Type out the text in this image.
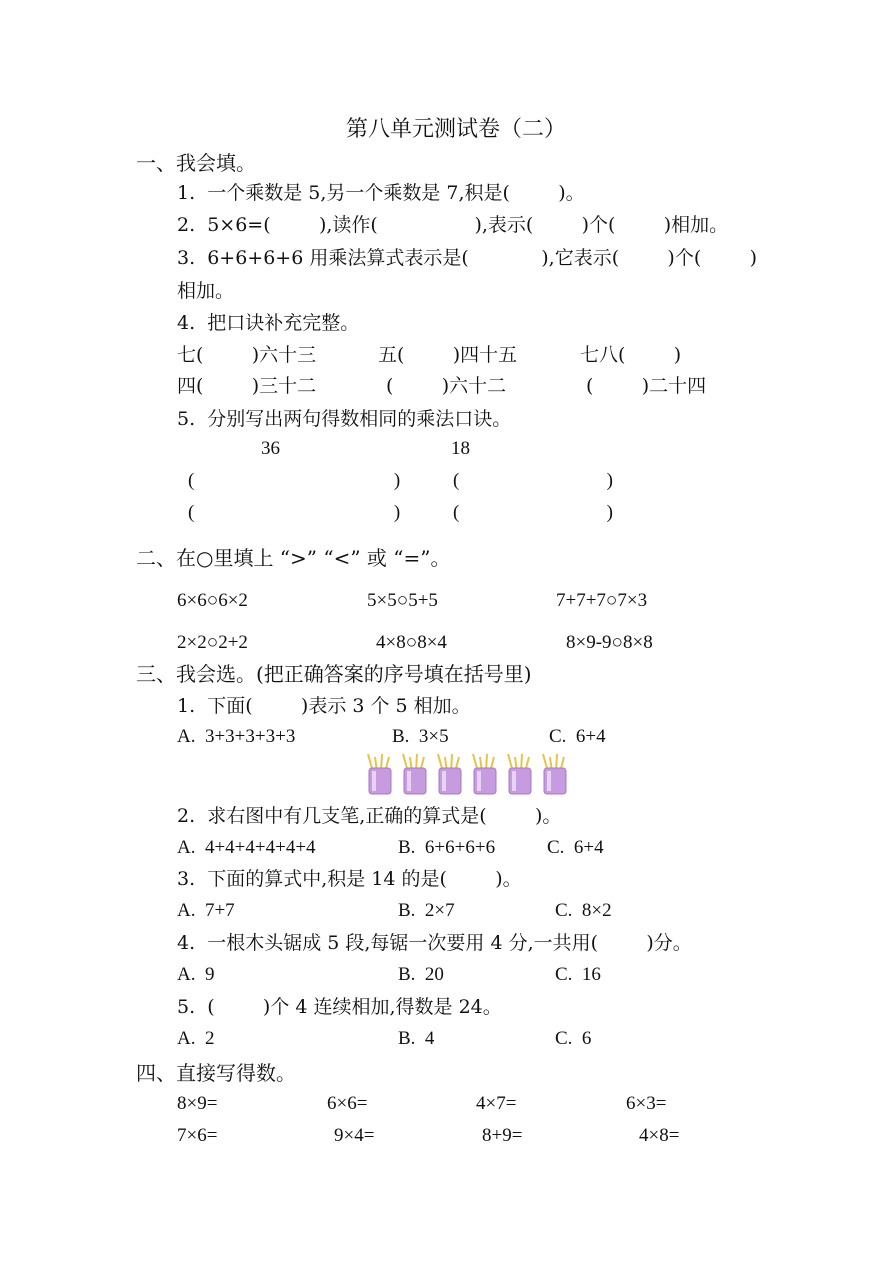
第八单元测试卷（二）
一、我会填。
1.  一个乘数是 5,另一个乘数是 7,积是(        )。
2.  5×6=(        ),读作(                ),表示(        )个(        )相加。
3.  6+6+6+6 用乘法算式表示是(            ),它表示(        )个(        )
相加。
4.  把口诀补充完整。
七(        )六十三	五(        )四十五	七八(        )
四(        )三十二	(        )六十二	(        )二十四
5.  分别写出两句得数相同的乘法口诀。
36	18
(                                          )	(                               )
(                                          )	(                               )
二、在○里填上 “>” “<” 或 “=”。
6×6○6×2	5×5○5+5	7+7+7○7×3
2×2○2+2	4×8○8×4	8×9-9○8×8
三、我会选。(把正确答案的序号填在括号里)
1.  下面(        )表示 3 个 5 相加。
A.  3+3+3+3+3	B.  3×5	C.  6+4
2.  求右图中有几支笔,正确的算式是(        )。
A.  4+4+4+4+4+4	B.  6+6+6+6	C.  6+4
3.  下面的算式中,积是 14 的是(        )。
A.  7+7	B.  2×7	C.  8×2
4.  一根木头锯成 5 段,每锯一次要用 4 分,一共用(        )分。
A.  9	B.  20	C.  16
5.  (        )个 4 连续相加,得数是 24。
A.  2	B.  4	C.  6
四、直接写得数。
8×9=	6×6=	4×7=	6×3=
7×6=	9×4=	8+9=	4×8=
